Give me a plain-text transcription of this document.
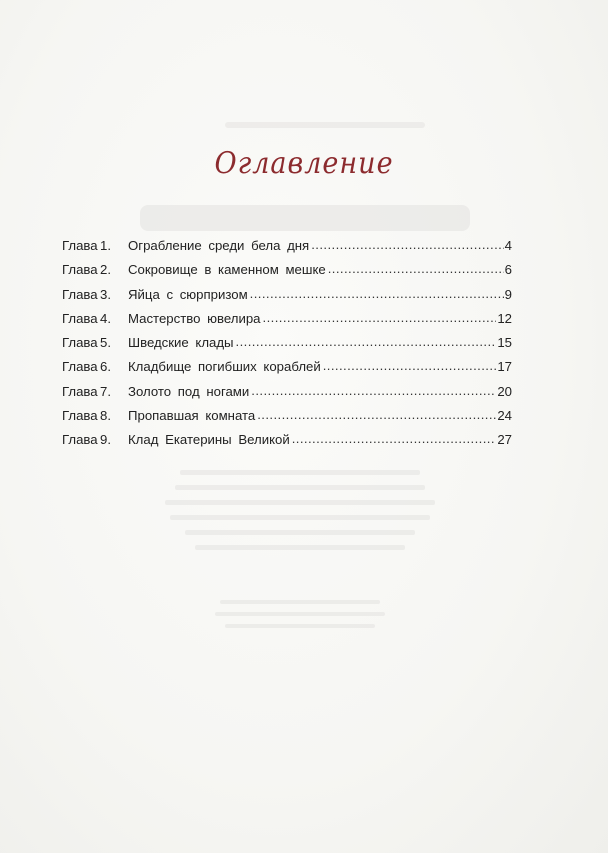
Оглавление
Глава 1.	Ограбление среди бела дня .....	4
Глава 2.	Сокровище в каменном мешке .....	6
Глава 3.	Яйца с сюрпризом .....	9
Глава 4.	Мастерство ювелира .....	12
Глава 5.	Шведские клады .....	15
Глава 6.	Кладбище погибших кораблей .....	17
Глава 7.	Золото под ногами .....	20
Глава 8.	Пропавшая комната .....	24
Глава 9.	Клад Екатерины Великой .....	27
